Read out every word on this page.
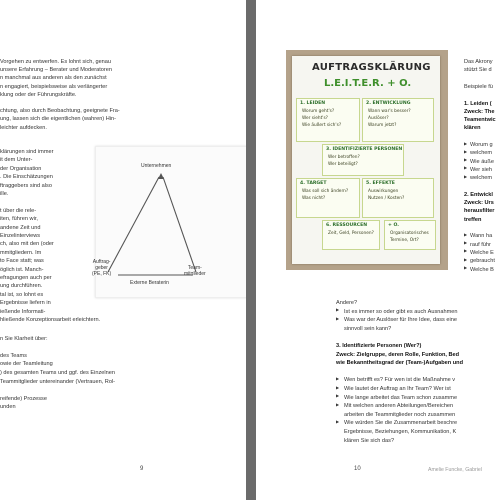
Vorgehen zu entwerfen. Es lohnt sich, genau
unsere Erfahrung – Berater und Moderatoren
n manchmal aus anderen als den zunächst
n engagiert, beispielsweise als verlängerter
klung oder der Führungskräfte.
chtung, also durch Beobachtung, geeignete Fra-
ung, lassen sich die eigentlichen (wahren) Hin-
leichter aufdecken.
klärungen sind immer
it dem Unter-
der Organisation
. Die Einschätzungen
ftraggebers sind also
ille.
t über die rele-
iten, führen wir,
andene Zeit und
Einzelinterviews
ch, also mit den (oder
mmitgliedern. Im
to Face statt; was
öglich ist. Manch-
efragungen auch per
ung durchführen.
tal ist, so lohnt es
Ergebnisse liefern in
ießende Informati-
hließende Konzeptionsarbeit erleichtern.
n Sie Klarheit über:
des Teams
owie der Teamleitung
) des gesamten Teams und ggf. des Einzelnen
Teammitglieder untereinander (Vertrauen, Rol-
reifende) Prozesse
unden
Unternehmen
Auftrag-
geber
(PE, FK)
Team-
mitglieder
Externe Beraterin
9
AUFTRAGSKLÄRUNG
L.E.I.T.E.R. + O.
1. LEIDEN
Worum geht's?
Wer sieht's?
Wie äußert sich's?
2. ENTWICKLUNG
Wann war's besser?
Auslöser?
Warum jetzt?
3. IDENTIFIZIERTE PERSONEN
Wer betroffen?
Wer beteiligt?
4. TARGET
Was soll sich ändern?
Was nicht?
5. EFFEKTE
Auswirkungen
Nutzen / Kosten?
6. RESSOURCEN
Zeit, Geld, Personen?
+ O.
Organisatorisches
Termine, Ort?
Das Akrony
stützt Sie d
Beispiele fü
1. Leiden (
Zweck: The
Teamentwic
klären
Worum g
▶
welchem
▶
Wie äuße
▶
Wer sieh
▶
welchem
▶
2. Entwickl
Zweck: Urs
herausfilter
treffen
Wann ha
▶
rauf führ
▶
Welche E
▶
gebraucht
▶
Welche B
▶
Andere?
Ist es immer so oder gibt es auch Ausnahmen
▶
Was war der Auslöser für Ihre Idee, dass eine
▶
sinnvoll sein kann?
3. Identifizierte Personen (Wer?)
Zweck: Zielgruppe, deren Rolle, Funktion, Bed
wie Bekanntheitsgrad der (Team-)Aufgaben und
Wen betrifft es? Für wen ist die Maßnahme v
▶
Wie lautet der Auftrag an Ihr Team? Wer ist
▶
Wie lange arbeitet das Team schon zusamme
▶
Mit welchen anderen Abteilungen/Bereichen
▶
arbeiten die Teammitglieder noch zusammen
Wie würden Sie die Zusammenarbeit beschre
▶
Ergebnisse, Beziehungen, Kommunikation, K
klären Sie sich das?
10	Amelie Funcke, Gabriel
